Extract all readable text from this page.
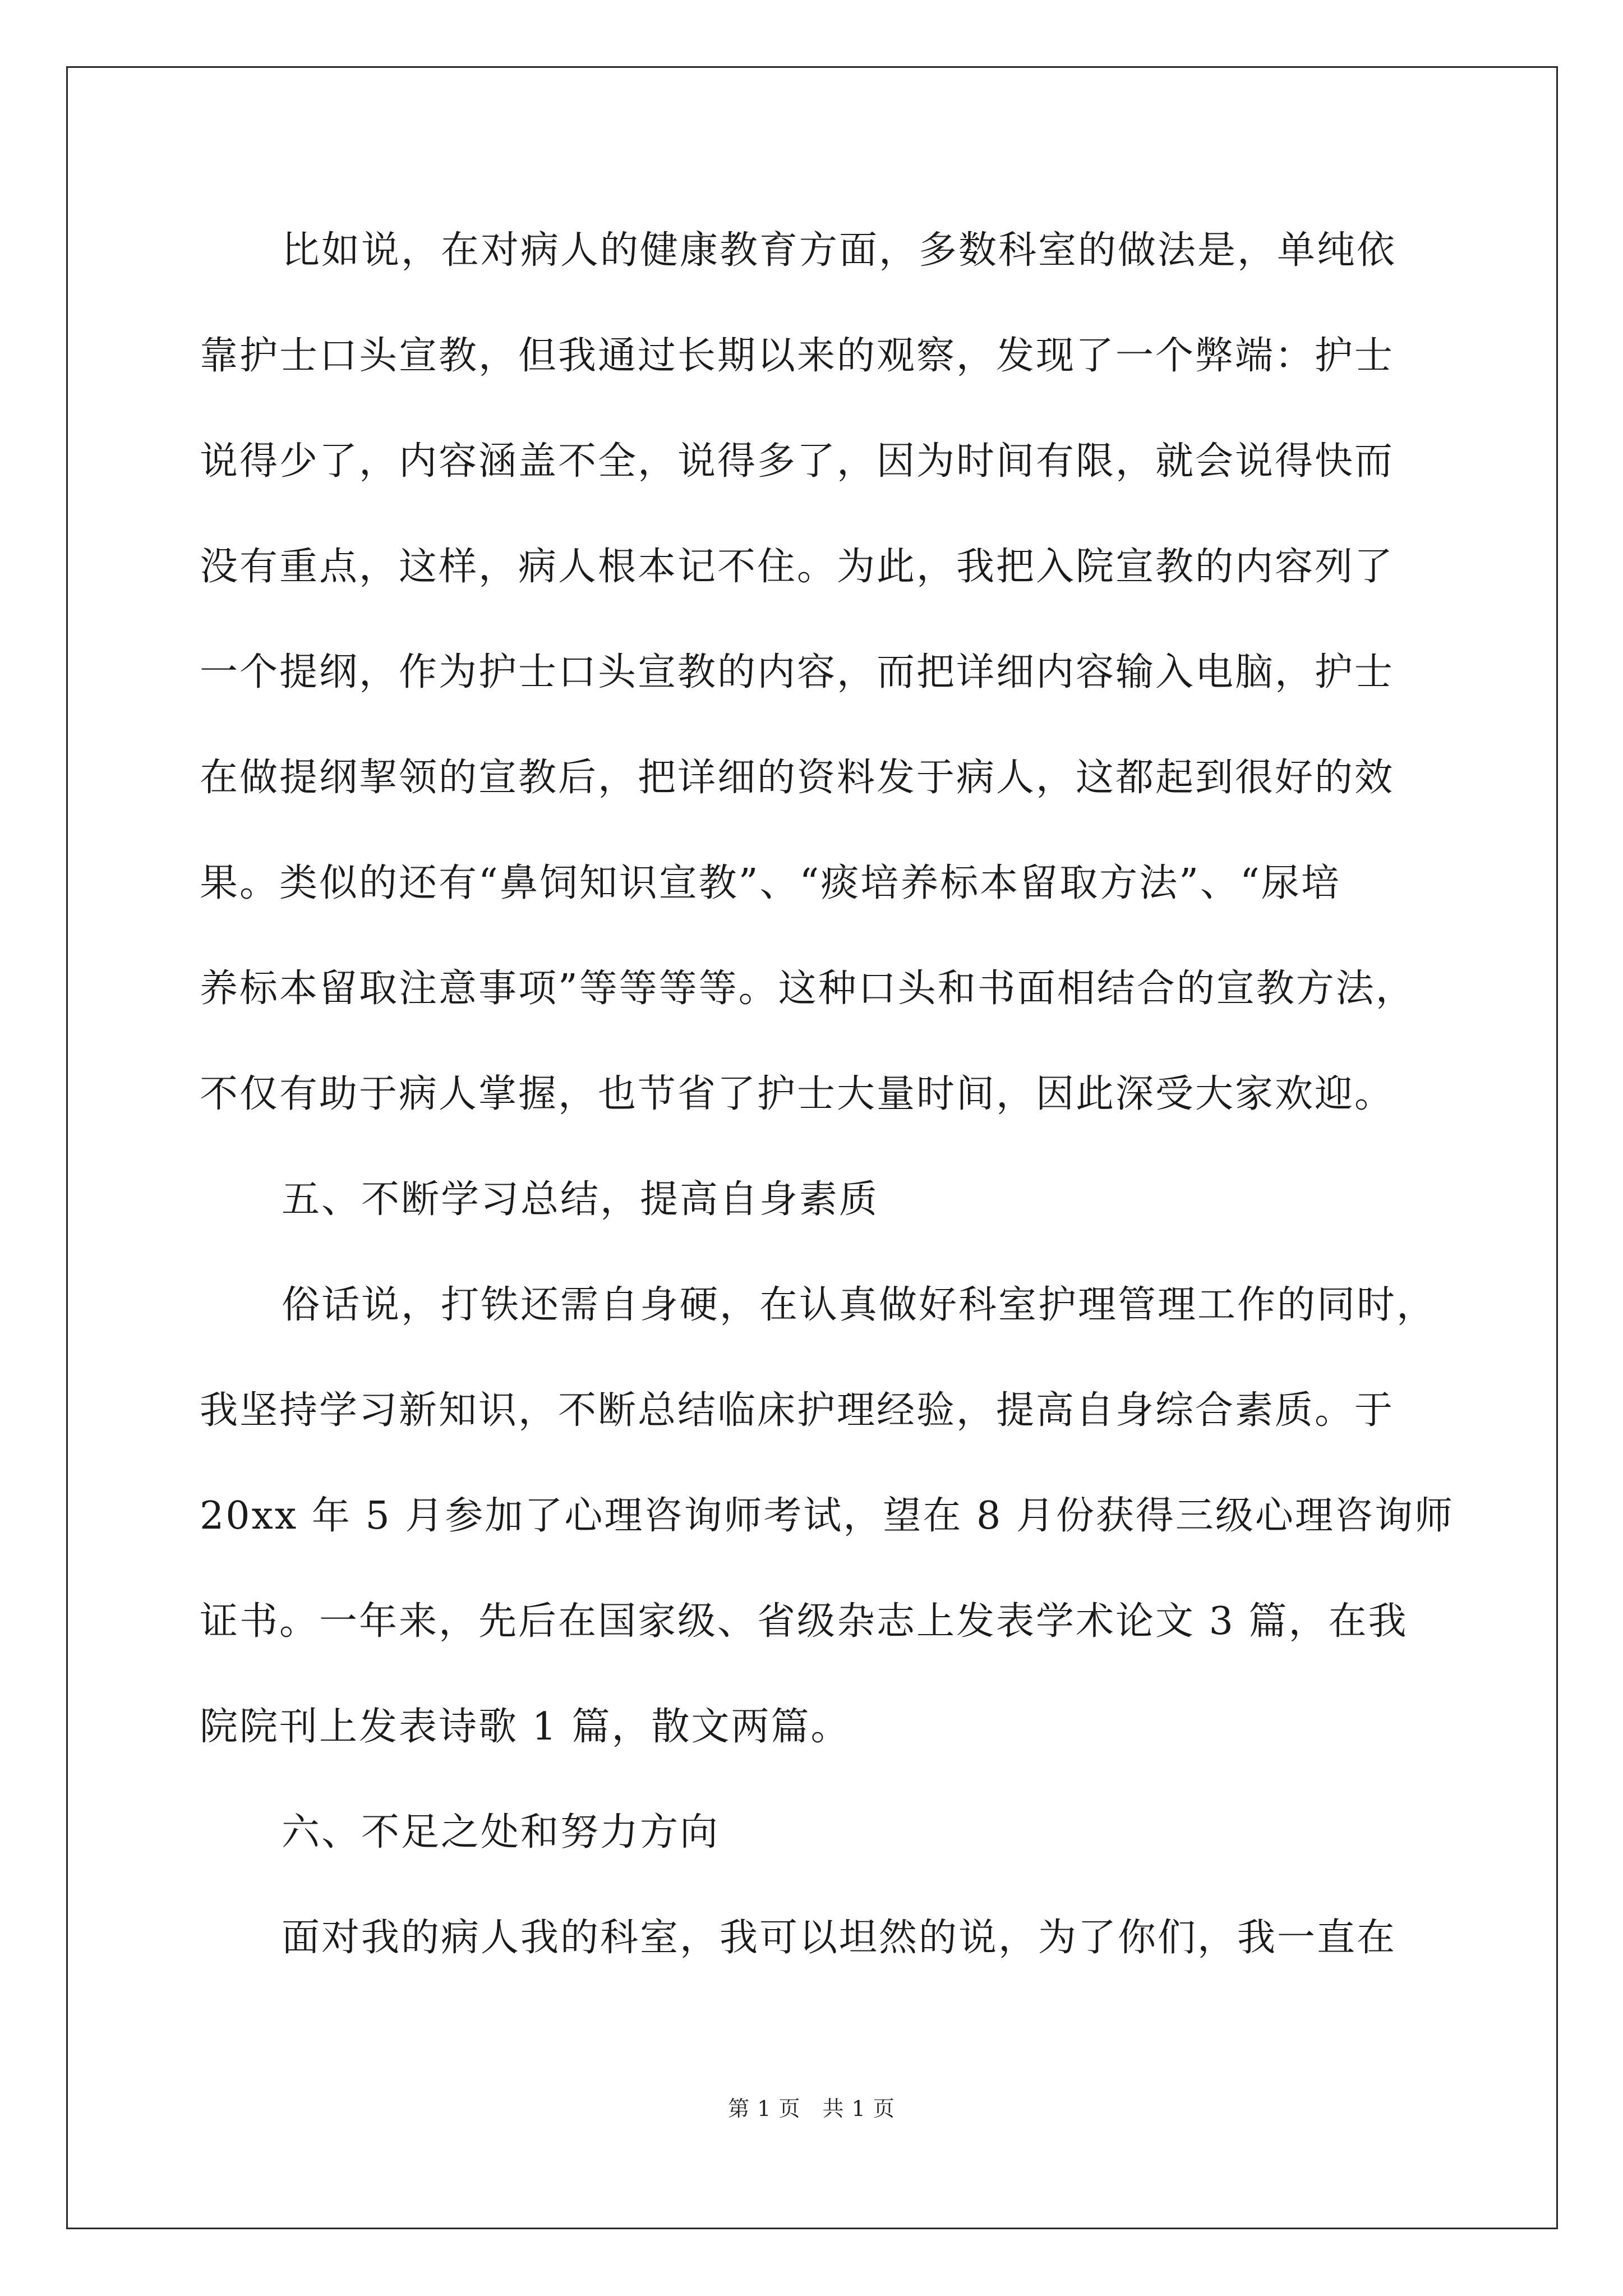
比如说，在对病人的健康教育方面，多数科室的做法是，单纯依
靠护士口头宣教，但我通过长期以来的观察，发现了一个弊端：护士
说得少了，内容涵盖不全，说得多了，因为时间有限，就会说得快而
没有重点，这样，病人根本记不住。为此，我把入院宣教的内容列了
一个提纲，作为护士口头宣教的内容，而把详细内容输入电脑，护士
在做提纲挈领的宣教后，把详细的资料发于病人，这都起到很好的效
果。类似的还有“鼻饲知识宣教”、“痰培养标本留取方法”、“尿培
养标本留取注意事项”等等等等。这种口头和书面相结合的宣教方法，
不仅有助于病人掌握，也节省了护士大量时间，因此深受大家欢迎。
五、不断学习总结，提高自身素质
俗话说，打铁还需自身硬，在认真做好科室护理管理工作的同时，
我坚持学习新知识，不断总结临床护理经验，提高自身综合素质。于
20xx 年 5 月参加了心理咨询师考试，望在 8 月份获得三级心理咨询师
证书。一年来，先后在国家级、省级杂志上发表学术论文 3 篇，在我
院院刊上发表诗歌 1 篇，散文两篇。
六、不足之处和努力方向
面对我的病人我的科室，我可以坦然的说，为了你们，我一直在
第 1 页　共 1 页
